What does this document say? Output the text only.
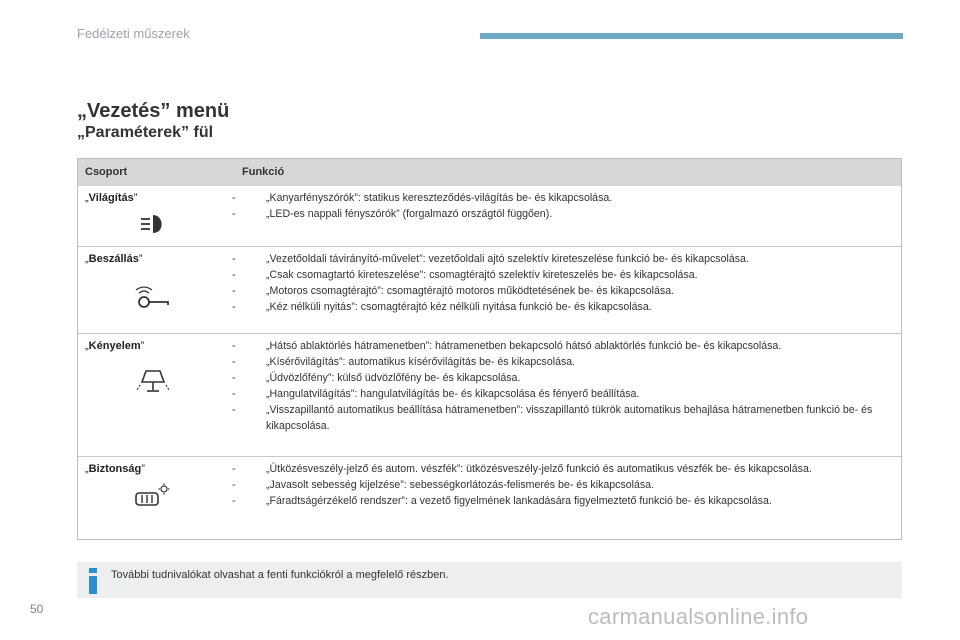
Fedélzeti műszerek
„Vezetés” menü
„Paraméterek” fül
Csoport	Funkció
„Világítás”	-	„Kanyarfényszórók”: statikus kereszteződés-világítás be- és kikapcsolása.
-	„LED-es nappali fényszórók” (forgalmazó országtól függően).
„Beszállás”	-	„Vezetőoldali távirányító-művelet”: vezetőoldali ajtó szelektív kireteszelése funkció be- és kikapcsolása.
-	„Csak csomagtartó kireteszelése”: csomagtérajtó szelektív kireteszelés be- és kikapcsolása.
-	„Motoros csomagtérajtó”: csomagtérajtó motoros működtetésének be- és kikapcsolása.
-	„Kéz nélküli nyitás”: csomagtérajtó kéz nélküli nyitása funkció be- és kikapcsolása.
„Kényelem”	-	„Hátsó ablaktörlés hátramenetben”: hátramenetben bekapcsoló hátsó ablaktörlés funkció be- és kikapcsolása.
-	„Kísérővilágítás”: automatikus kísérővilágítás be- és kikapcsolása.
-	„Üdvözlőfény”: külső üdvözlőfény be- és kikapcsolása.
-	„Hangulatvilágítás”: hangulatvilágítás be- és kikapcsolása és fényerő beállítása.
-	„Visszapillantó automatikus beállítása hátramenetben”: visszapillantó tükrök automatikus behajlása hátramenetben funkció be- és kikapcsolása.
„Biztonság”	-	„Ütközésveszély-jelző és autom. vészfék”: ütközésveszély-jelző funkció és automatikus vészfék be- és kikapcsolása.
-	„Javasolt sebesség kijelzése”: sebességkorlátozás-felismerés be- és kikapcsolása.
-	„Fáradtságérzékelő rendszer”: a vezető figyelmének lankadására figyelmeztető funkció be- és kikapcsolása.
További tudnivalókat olvashat a fenti funkciókról a megfelelő részben.
50	carmanualsonline.info
